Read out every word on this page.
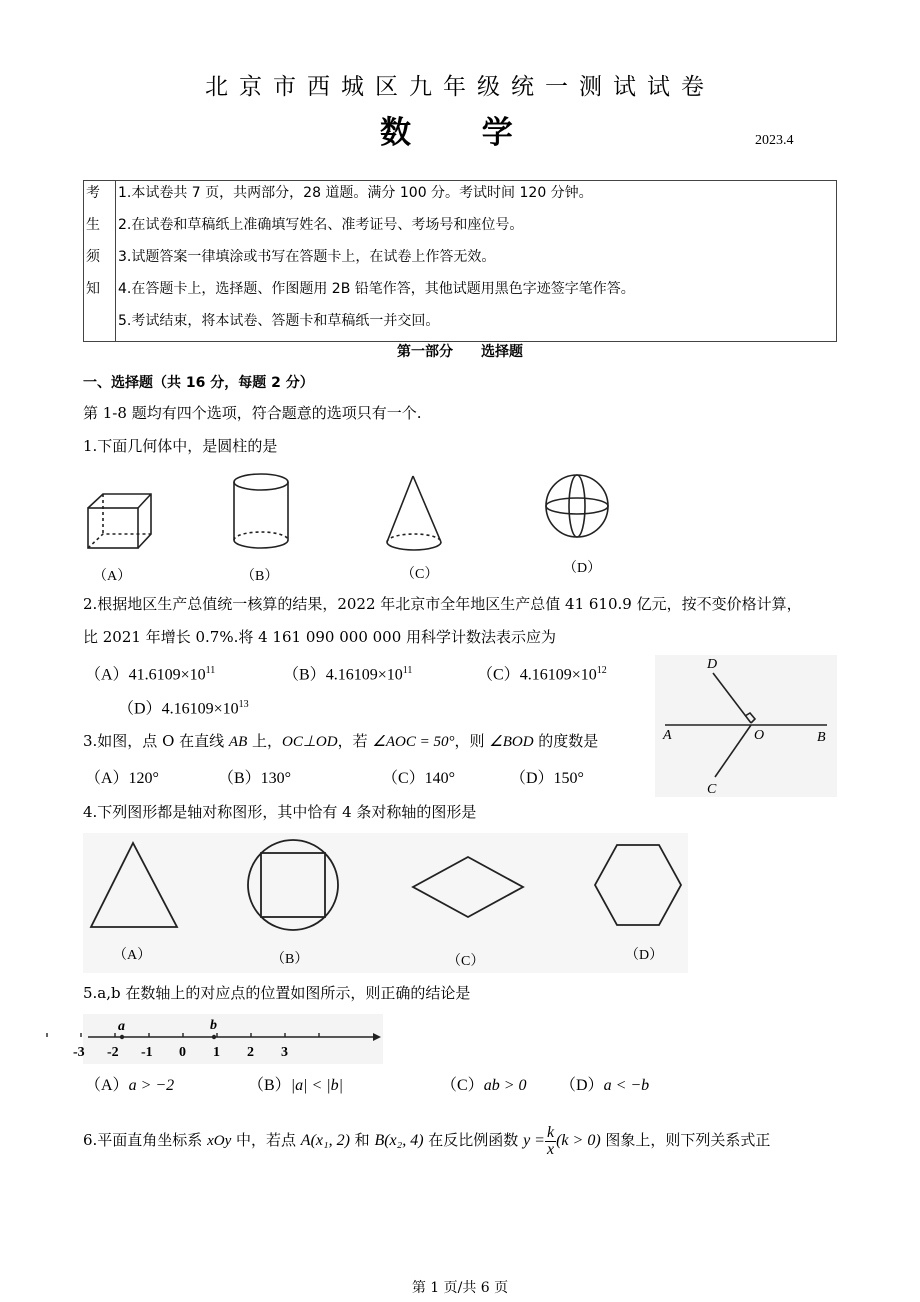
北京市西城区九年级统一测试试卷
数 学	2023.4
考
生
须
知

1.本试卷共 7 页，共两部分，28 道题。满分 100 分。考试时间 120 分钟。
2.在试卷和草稿纸上准确填写姓名、准考证号、考场号和座位号。
3.试题答案一律填涂或书写在答题卡上，在试卷上作答无效。
4.在答题卡上，选择题、作图题用 2B 铅笔作答，其他试题用黑色字迹签字笔作答。
5.考试结束，将本试卷、答题卡和草稿纸一并交回。
第一部分　　选择题
一、选择题（共 16 分，每题 2 分）
第 1-8 题均有四个选项，符合题意的选项只有一个.
1.下面几何体中，是圆柱的是
（A）	（B）	（C）	（D）
2.根据地区生产总值统一核算的结果，2022 年北京市全年地区生产总值 41 610.9 亿元，按不变价格计算，
比 2021 年增长 0.7%.将 4 161 090 000 000 用科学计数法表示应为
$(A)41.6109\times 10^{11}$	$(B)4.16109\times 10^{11}$	$(C)4.16109\times 10^{12}$
$(D)4.16109\times 10^{13}$
D
A	O	B
C
3.如图，点 O 在直线 AB 上，OC⊥OD，若 ∠AOC = 50°，则 ∠BOD 的度数是
（A）120°	（B）130°	（C）140°	（D）150°
4.下列图形都是轴对称图形，其中恰有 4 条对称轴的图形是
（A）	（B）	（C）	（D）
5.a,b 在数轴上的对应点的位置如图所示，则正确的结论是
a	b
-3 -2 -1 0 1 2 3
（A）a > −2	（B）|a| < |b|	（C）ab > 0 （D）a < −b
6.平面直角坐标系 xOy 中，若点 A(x₁, 2) 和 B(x₂, 4) 在反比例函数 $y = \frac{k}{x} (k > 0)$ 图象上，则下列关系式正
第 1 页/共 6 页
